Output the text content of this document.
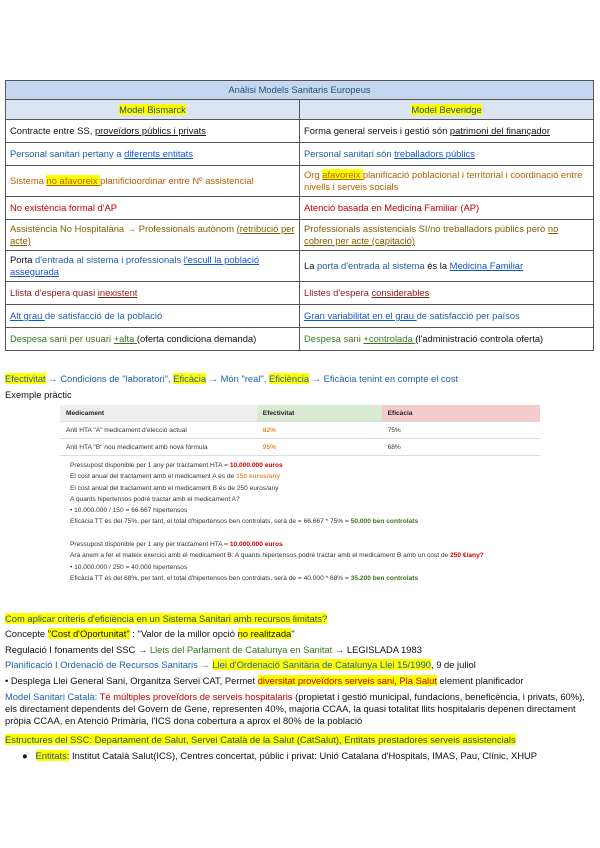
Anàlisi Models Sanitaris Europeus	
Model Bismarck	Model Beveridge
Contracte entre SS, proveïdors públics i privats	Forma general serveis i gestió són patrimoni del finançador
Personal sanitari pertany a diferents entitats	Personal sanitari són treballadors públics
Sistema no afavoreix planificioordinar entre Nº assistencial	Org afavoreix planificació poblacional i territorial i coordinació entre nivells i serveis socials
No existència formal d'AP	Atenció basada en Medicina Familiar (AP)
Assistència No Hospitalària → Professionals autònom (retribució per acte)	Professionals assistencials SI/no treballadors públics però no cobren per acte (capitació)
Porta d'entrada al sistema i professionals l'escull la població assegurada	La porta d'entrada al sistema és la Medicina Familiar
Llista d'espera quasi inexistent	Llistes d'espera considerables
Alt grau de satisfacció de la població	Gran variabilitat en el grau de satisfacció per països
Despesa sani per usuari +alta (oferta condiciona demanda)	Despesa sani +controlada (l'administració controla oferta)
Efectivitat → Condicions de "laboratori", Eficàcia → Món "real", Eficiència → Eficàcia tenint en compte el cost
Exemple pràctic
Medicament	Efectivitat	Eficàcia
Anti HTA "A" medicament d'elecció actual	82%	75%
Anti HTA "B" nou medicament amb nova fórmula	95%	68%
Pressupost disponible per 1 any per tractament HTA = 10.000.000 euros
El cost anual del tractament amb el medicament A és de 150 euros/any
El cost anual del tractament amb el medicament B és de 250 euros/any
A quants hipertensos podré tractar amb el medicament A?
• 10.000.000 / 150 = 66.667 hipertensos
Eficàcia TT és del 75%, per tant, el total d'hipertensos ben controlats, serà de = 66.667 * 75% = 50.000 ben controlats

Pressupost disponible per 1 any per tractament HTA = 10.000.000 euros
Ara anem a fer el mateix exercici amb el medicament B: A quants hipertensos podré tractar amb el medicament B amb un cost de 250 €/any?
• 10.000.000 / 250 = 40.000 hipertensos
Eficàcia TT és del 68%, per tant, el total d'hipertensos ben controlats, serà de = 40.000 * 68% = 35.200 ben controlats
Com aplicar criteris d'eficiència en un Sistema Sanitari amb recursos limitats?
Concepte "Cost d'Oportunitat" : "Valor de la millor opció no realitzada"
Regulació I fonaments del SSC → Lleis del Parlament de Catalunya en Sanitat → LEGISLADA 1983
Planificació I Ordenació de Recursos Sanitaris → Llei d'Ordenació Sanitària de Catalunya Llei 15/1990, 9 de juliol
• Desplega Llei General Sani, Organitza Servei CAT, Permet diversitat proveïdors serveis sani, Pla Salut element planificador
Model Sanitari Català: Té múltiples proveïdors de serveis hospitalaris (propietat i gestió municipal, fundacions, beneficència, i privats, 60%), els directament dependents del Govern de Gene, representen 40%, majoria CCAA, la quasi totalitat llits hospitalaris depenen directament pròpia CCAA, en Atenció Primària, l'ICS dona cobertura a aprox el 80% de la població
Estructures del SSC: Departament de Salut, Servei Català de la Salut (CatSalut), Entitats prestadores serveis assistencials
● Entitats: Institut Català Salut(ICS), Centres concertat, públic i privat: Unió Catalana d'Hospitals, IMAS, Pau, Clínic, XHUP
